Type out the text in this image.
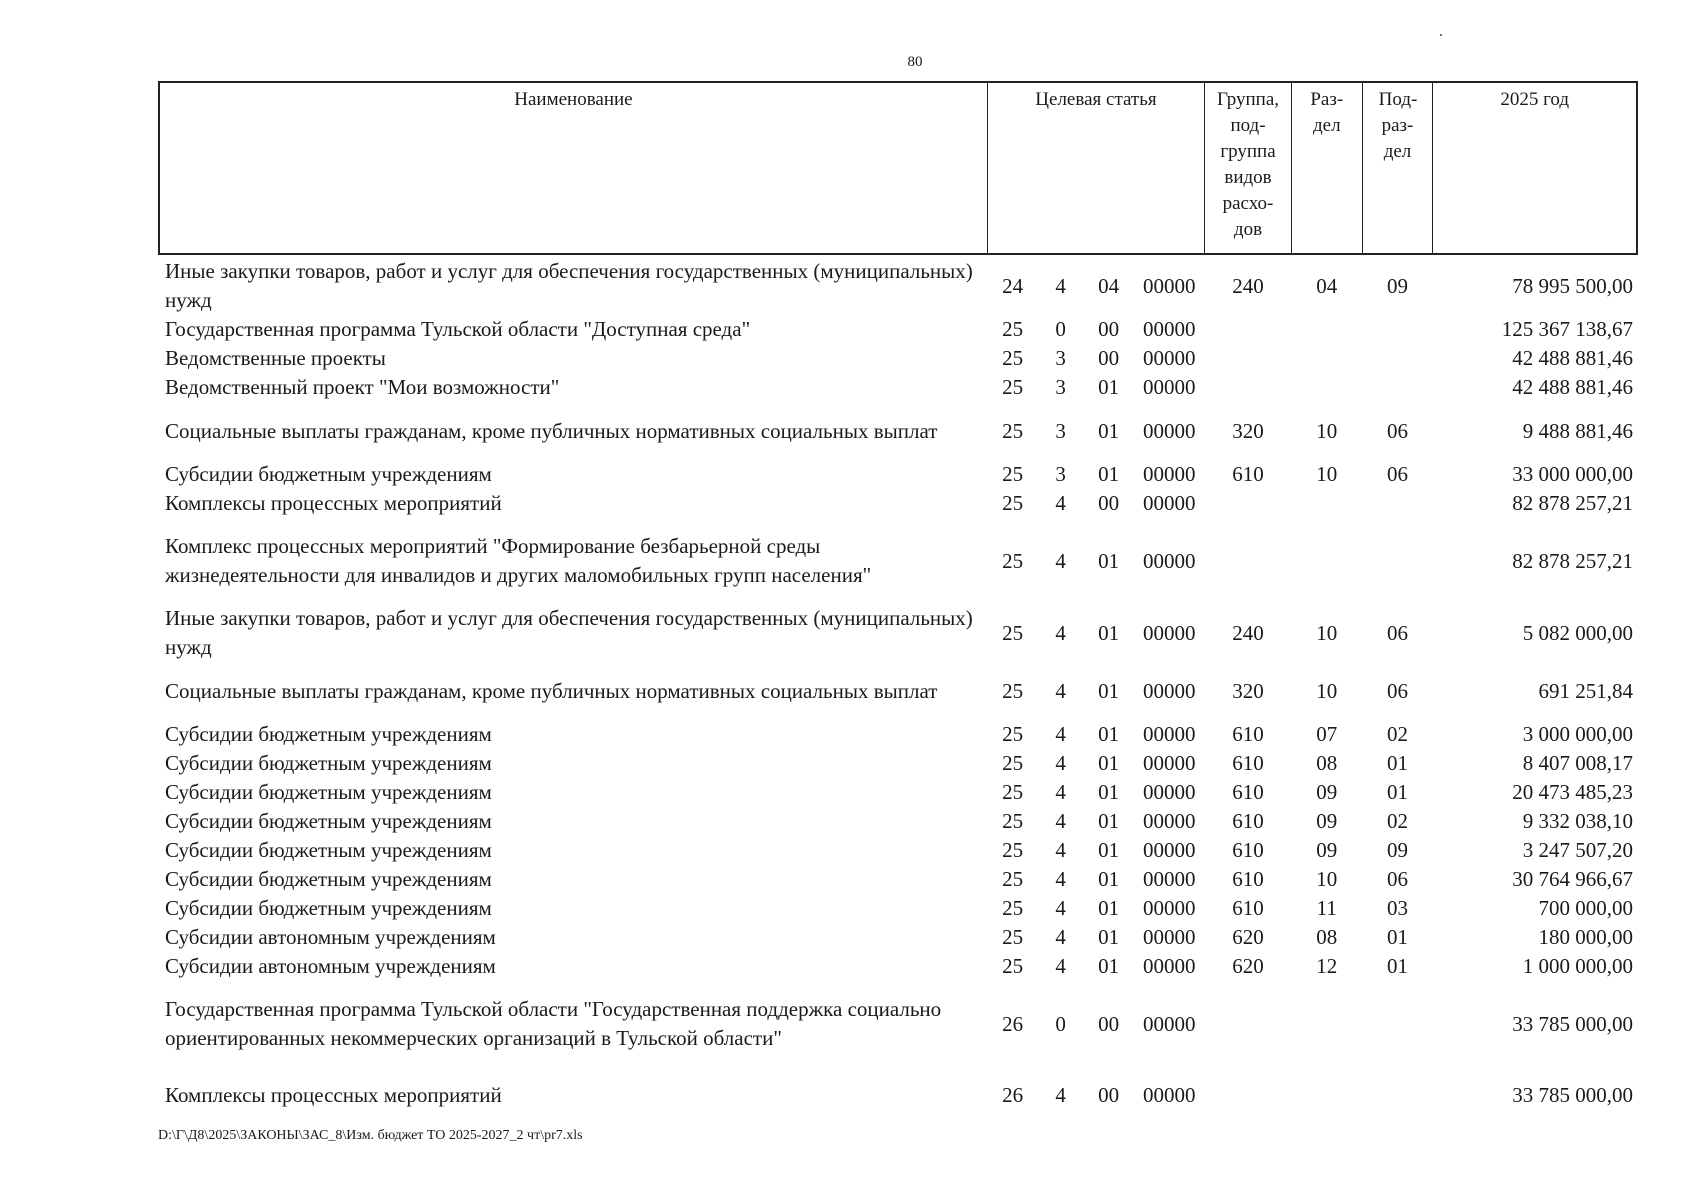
80
Наименование	Целевая статья				Группа, под-группа видов расхо-дов	Раз-дел	Под-раз-дел	2025 год
Иные закупки товаров, работ и услуг для обеспечения государственных (муниципальных) нужд	24	4	04	00000	240	04	09	78 995 500,00
Государственная программа Тульской области "Доступная среда"	25	0	00	00000				125 367 138,67
Ведомственные проекты	25	3	00	00000				42 488 881,46
Ведомственный проект "Мои возможности"	25	3	01	00000				42 488 881,46
Социальные выплаты гражданам, кроме публичных нормативных социальных выплат	25	3	01	00000	320	10	06	9 488 881,46
Субсидии бюджетным учреждениям	25	3	01	00000	610	10	06	33 000 000,00
Комплексы процессных мероприятий	25	4	00	00000				82 878 257,21
Комплекс процессных мероприятий "Формирование безбарьерной среды жизнедеятельности для инвалидов и других маломобильных групп населения"	25	4	01	00000				82 878 257,21
Иные закупки товаров, работ и услуг для обеспечения государственных (муниципальных) нужд	25	4	01	00000	240	10	06	5 082 000,00
Социальные выплаты гражданам, кроме публичных нормативных социальных выплат	25	4	01	00000	320	10	06	691 251,84
Субсидии бюджетным учреждениям	25	4	01	00000	610	07	02	3 000 000,00
Субсидии бюджетным учреждениям	25	4	01	00000	610	08	01	8 407 008,17
Субсидии бюджетным учреждениям	25	4	01	00000	610	09	01	20 473 485,23
Субсидии бюджетным учреждениям	25	4	01	00000	610	09	02	9 332 038,10
Субсидии бюджетным учреждениям	25	4	01	00000	610	09	09	3 247 507,20
Субсидии бюджетным учреждениям	25	4	01	00000	610	10	06	30 764 966,67
Субсидии бюджетным учреждениям	25	4	01	00000	610	11	03	700 000,00
Субсидии автономным учреждениям	25	4	01	00000	620	08	01	180 000,00
Субсидии автономным учреждениям	25	4	01	00000	620	12	01	1 000 000,00
Государственная программа Тульской области "Государственная поддержка социально ориентированных некоммерческих организаций в Тульской области"	26	0	00	00000				33 785 000,00
Комплексы процессных мероприятий	26	4	00	00000				33 785 000,00
D:\Г\Д8\2025\ЗАКОНЫ\ЗАС_8\Изм. бюджет ТО 2025-2027_2 чт\pr7.xls
